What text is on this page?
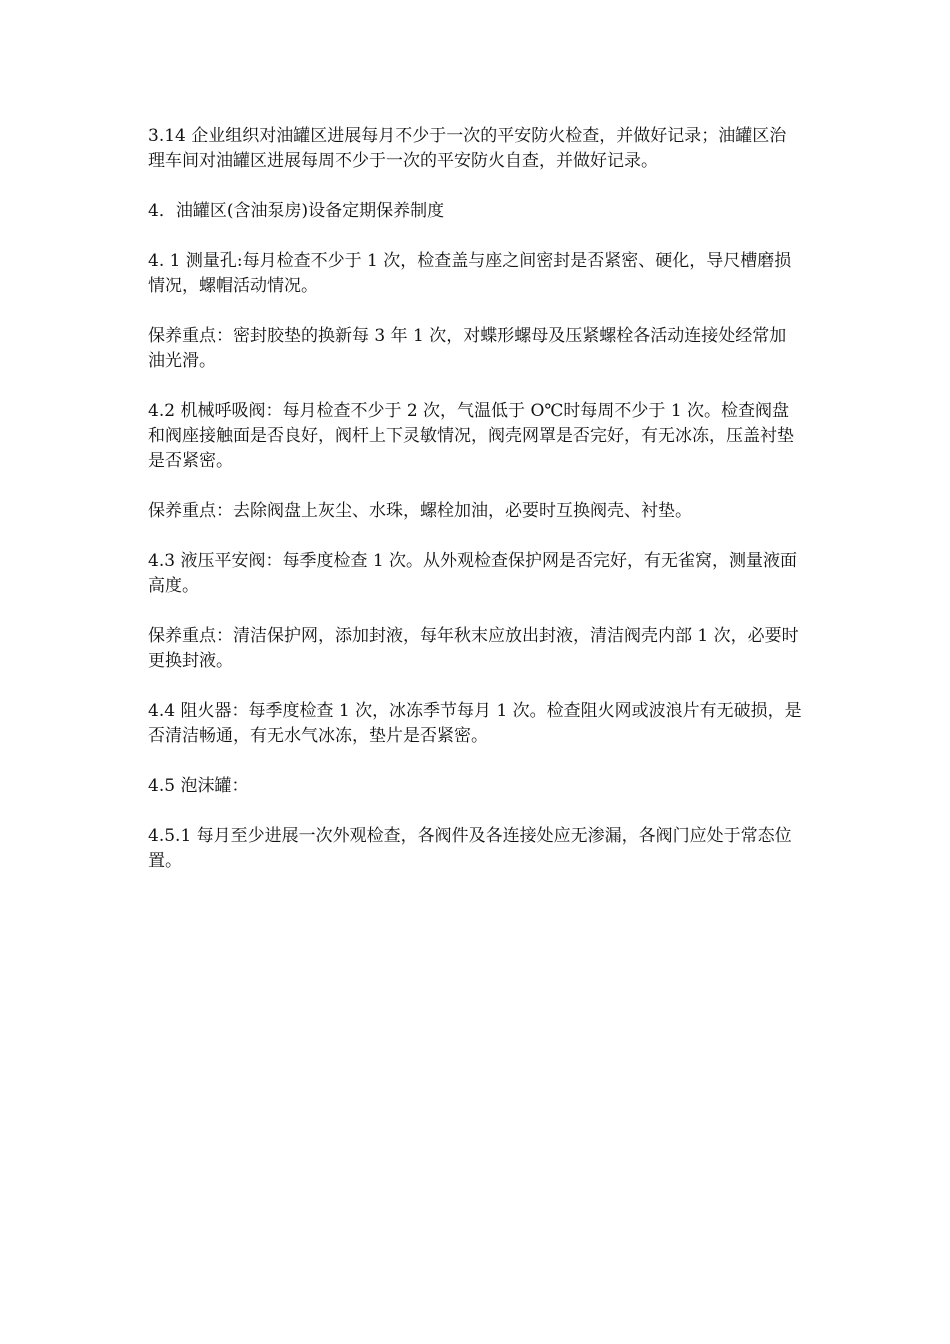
3.14 企业组织对油罐区进展每月不少于一次的平安防火检查，并做好记录；油罐区治理车间对油罐区进展每周不少于一次的平安防火自查，并做好记录。

4．油罐区(含油泵房)设备定期保养制度

4. 1 测量孔:每月检查不少于 1 次，检查盖与座之间密封是否紧密、硬化，导尺槽磨损情况，螺帽活动情况。

保养重点：密封胶垫的换新每 3 年 1 次，对蝶形螺母及压紧螺栓各活动连接处经常加油光滑。

4.2 机械呼吸阀：每月检查不少于 2 次，气温低于 O℃时每周不少于 1 次。检查阀盘和阀座接触面是否良好，阀杆上下灵敏情况，阀壳网罩是否完好，有无冰冻，压盖衬垫是否紧密。

保养重点：去除阀盘上灰尘、水珠，螺栓加油，必要时互换阀壳、衬垫。

4.3 液压平安阀：每季度检查 1 次。从外观检查保护网是否完好，有无雀窝，测量液面高度。

保养重点：清洁保护网，添加封液，每年秋末应放出封液，清洁阀壳内部 1 次，必要时更换封液。

4.4 阻火器：每季度检查 1 次，冰冻季节每月 1 次。检查阻火网或波浪片有无破损，是否清洁畅通，有无水气冰冻，垫片是否紧密。

4.5 泡沫罐：

4.5.1 每月至少进展一次外观检查，各阀件及各连接处应无渗漏，各阀门应处于常态位置。
